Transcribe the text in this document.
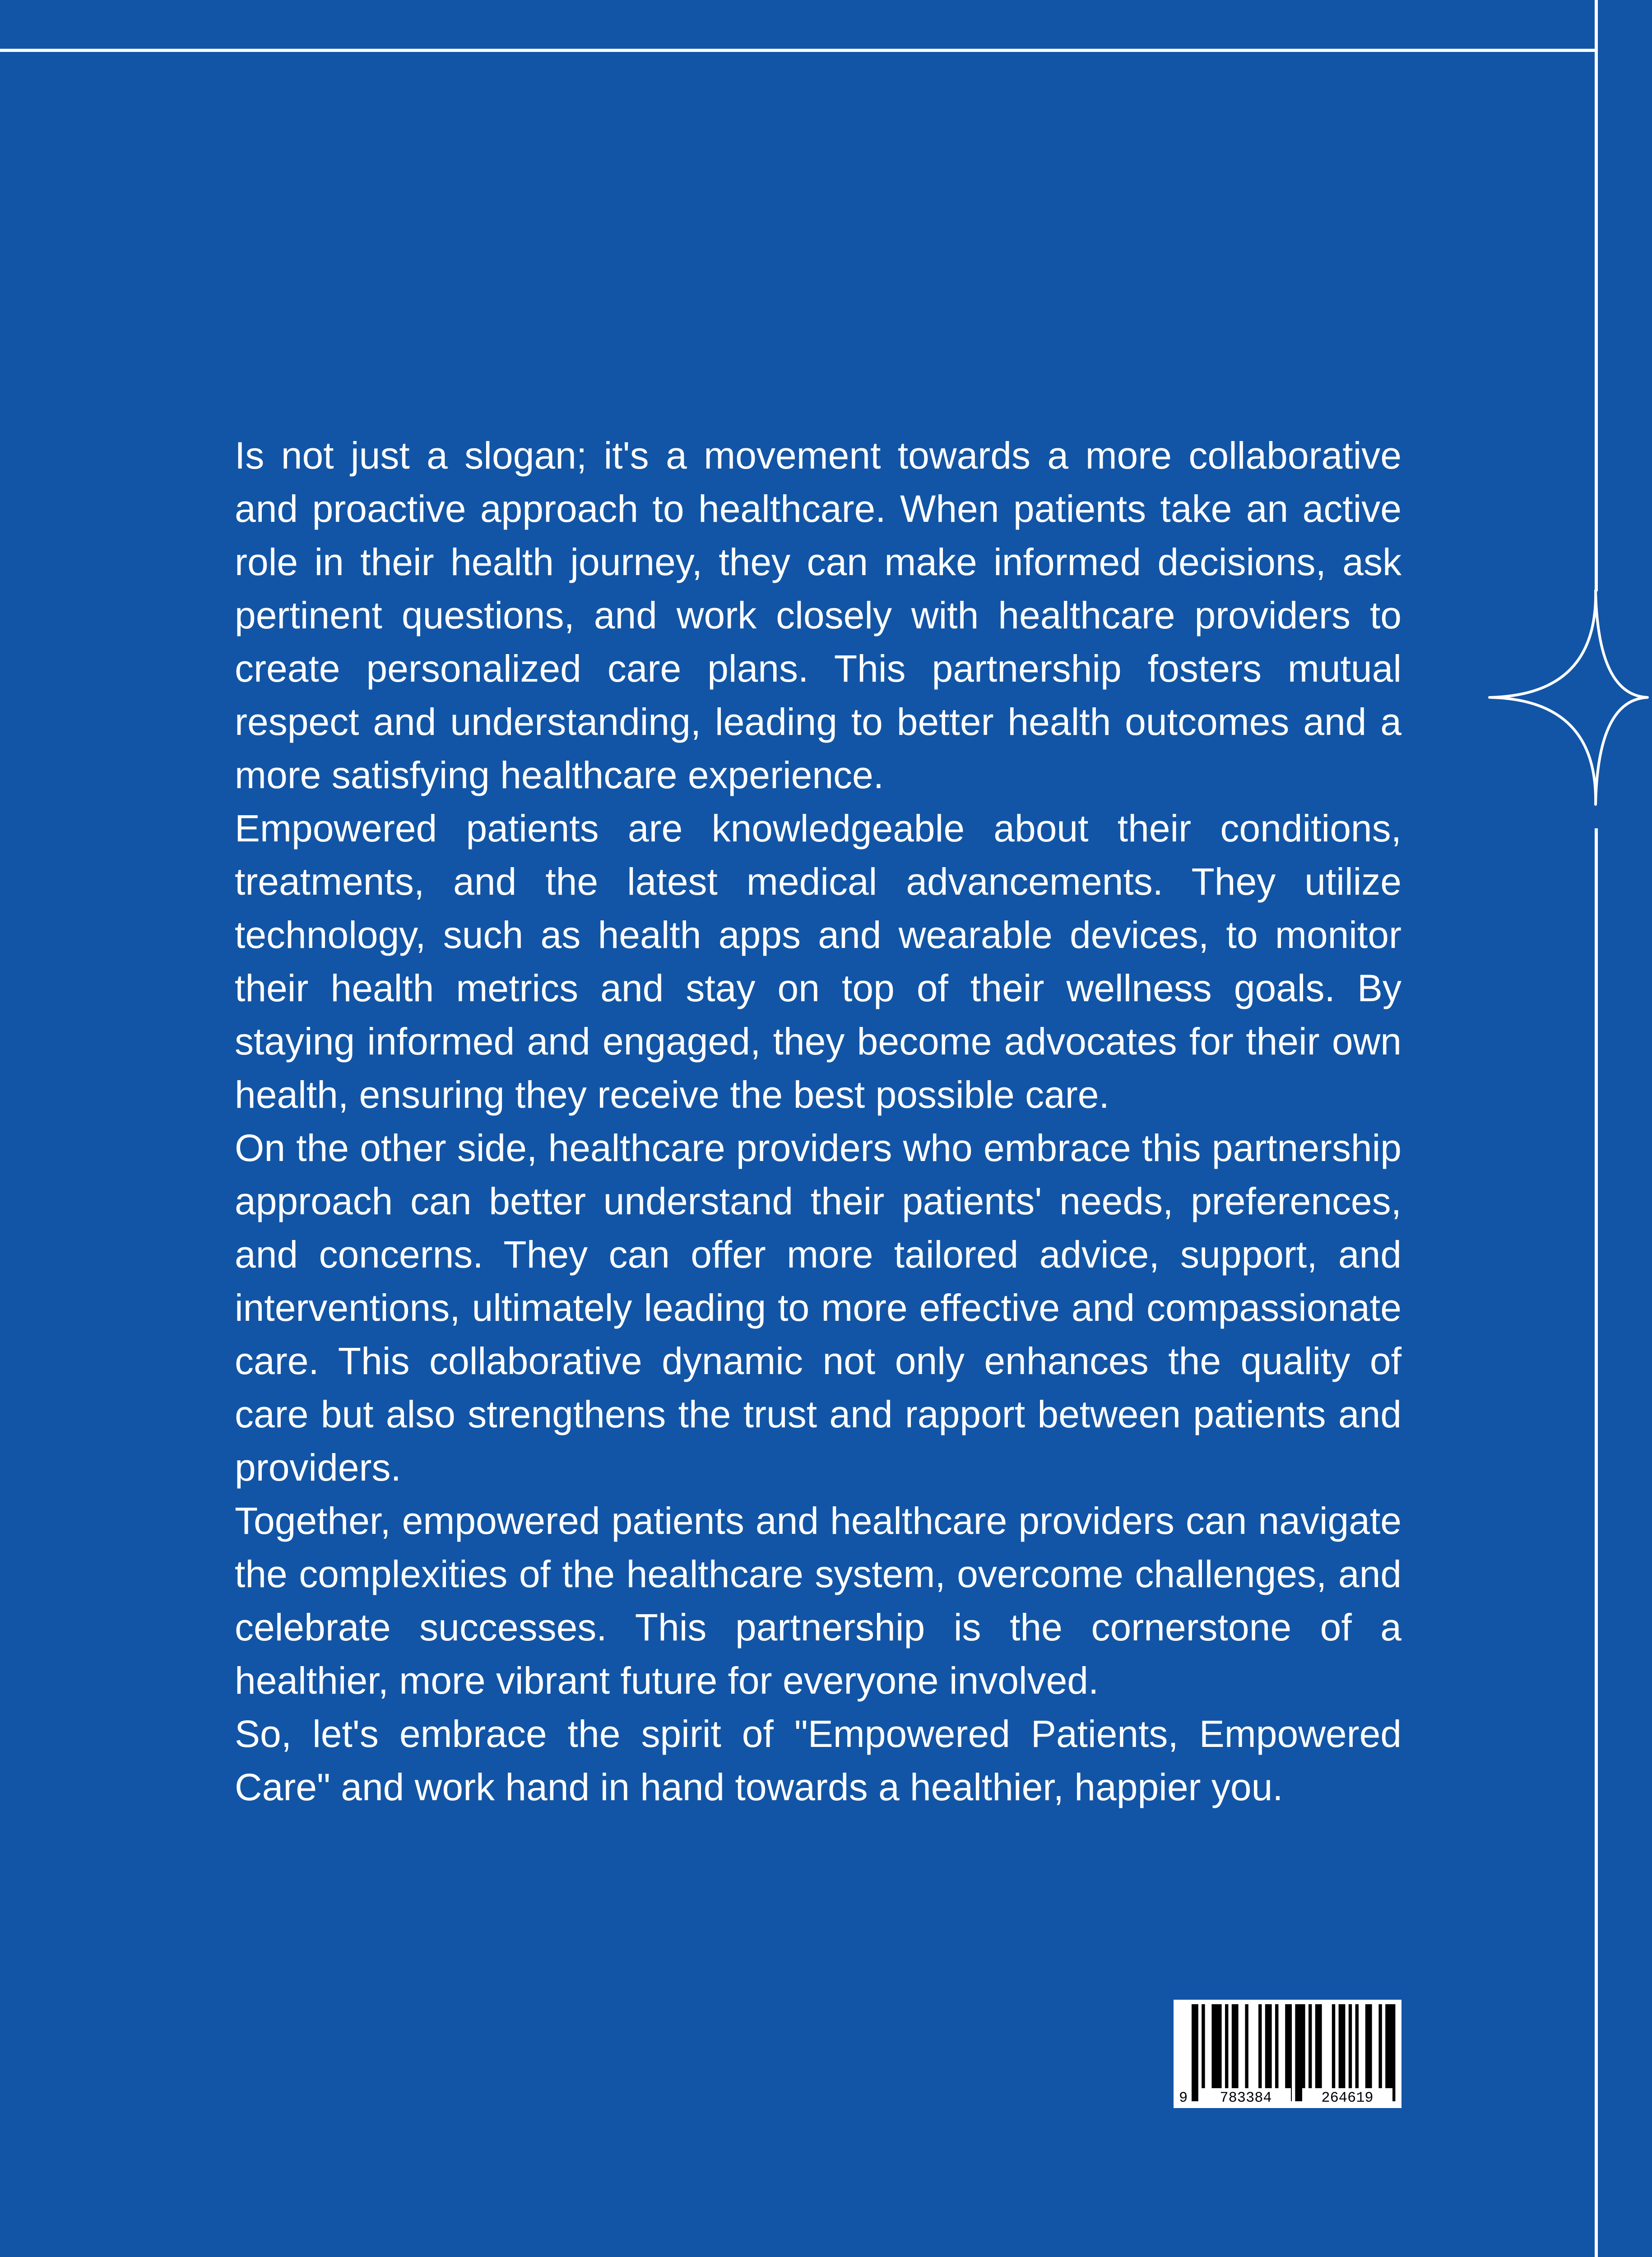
Is not just a slogan; it's a movement towards a more collaborative and proactive approach to healthcare. When patients take an active role in their health journey, they can make informed decisions, ask pertinent questions, and work closely with healthcare providers to create personalized care plans. This partnership fosters mutual respect and understanding, leading to better health outcomes and a more satisfying healthcare experience.

Empowered patients are knowledgeable about their conditions, treatments, and the latest medical advancements. They utilize technology, such as health apps and wearable devices, to monitor their health metrics and stay on top of their wellness goals. By staying informed and engaged, they become advocates for their own health, ensuring they receive the best possible care.

On the other side, healthcare providers who embrace this partnership approach can better understand their patients' needs, preferences, and concerns. They can offer more tailored advice, support, and interventions, ultimately leading to more effective and compassionate care. This collaborative dynamic not only enhances the quality of care but also strengthens the trust and rapport between patients and providers.

Together, empowered patients and healthcare providers can navigate the complexities of the healthcare system, overcome challenges, and celebrate successes. This partnership is the cornerstone of a healthier, more vibrant future for everyone involved.

So, let's embrace the spirit of "Empowered Patients, Empowered Care" and work hand in hand towards a healthier, happier you.

9 783384	264619
